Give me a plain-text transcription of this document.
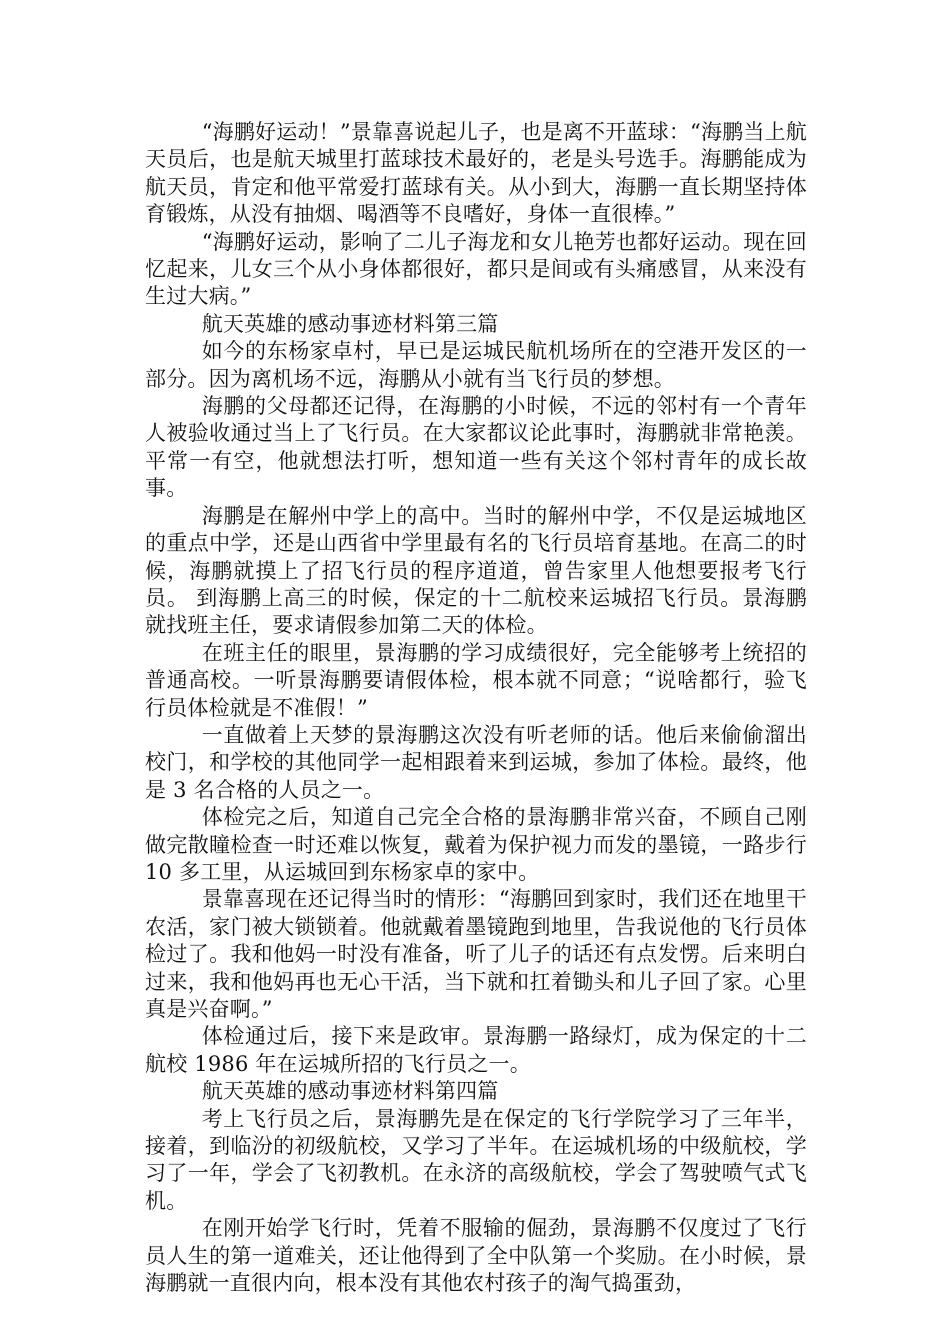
“海鹏好运动！”景靠喜说起儿子，也是离不开蓝球：“海鹏当上航天员后，也是航天城里打蓝球技术最好的，老是头号选手。海鹏能成为航天员，肯定和他平常爱打蓝球有关。从小到大，海鹏一直长期坚持体育锻炼，从没有抽烟、喝酒等不良嗜好，身体一直很棒。”

“海鹏好运动，影响了二儿子海龙和女儿艳芳也都好运动。现在回忆起来，儿女三个从小身体都很好，都只是间或有头痛感冒，从来没有生过大病。”

航天英雄的感动事迹材料第三篇

如今的东杨家卓村，早已是运城民航机场所在的空港开发区的一部分。因为离机场不远，海鹏从小就有当飞行员的梦想。

海鹏的父母都还记得，在海鹏的小时候，不远的邻村有一个青年人被验收通过当上了飞行员。在大家都议论此事时，海鹏就非常艳羡。平常一有空，他就想法打听，想知道一些有关这个邻村青年的成长故事。

海鹏是在解州中学上的高中。当时的解州中学，不仅是运城地区的重点中学，还是山西省中学里最有名的飞行员培育基地。在高二的时候，海鹏就摸上了招飞行员的程序道道，曾告家里人他想要报考飞行员。 到海鹏上高三的时候，保定的十二航校来运城招飞行员。景海鹏就找班主任，要求请假参加第二天的体检。

在班主任的眼里，景海鹏的学习成绩很好，完全能够考上统招的普通高校。一听景海鹏要请假体检，根本就不同意；“说啥都行，验飞行员体检就是不准假！”

一直做着上天梦的景海鹏这次没有听老师的话。他后来偷偷溜出校门，和学校的其他同学一起相跟着来到运城，参加了体检。最终，他是 3 名合格的人员之一。

体检完之后，知道自己完全合格的景海鹏非常兴奋，不顾自己刚做完散瞳检查一时还难以恢复，戴着为保护视力而发的墨镜，一路步行 10 多工里，从运城回到东杨家卓的家中。

景靠喜现在还记得当时的情形：“海鹏回到家时，我们还在地里干农活，家门被大锁锁着。他就戴着墨镜跑到地里，告我说他的飞行员体检过了。我和他妈一时没有准备，听了儿子的话还有点发愣。后来明白过来，我和他妈再也无心干活，当下就和扛着锄头和儿子回了家。心里真是兴奋啊。”

体检通过后，接下来是政审。景海鹏一路绿灯，成为保定的十二航校 1986 年在运城所招的飞行员之一。

航天英雄的感动事迹材料第四篇

考上飞行员之后，景海鹏先是在保定的飞行学院学习了三年半，接着，到临汾的初级航校，又学习了半年。在运城机场的中级航校，学习了一年，学会了飞初教机。在永济的高级航校，学会了驾驶喷气式飞机。

在刚开始学飞行时，凭着不服输的倔劲，景海鹏不仅度过了飞行员人生的第一道难关，还让他得到了全中队第一个奖励。在小时候，景海鹏就一直很内向，根本没有其他农村孩子的淘气捣蛋劲，
